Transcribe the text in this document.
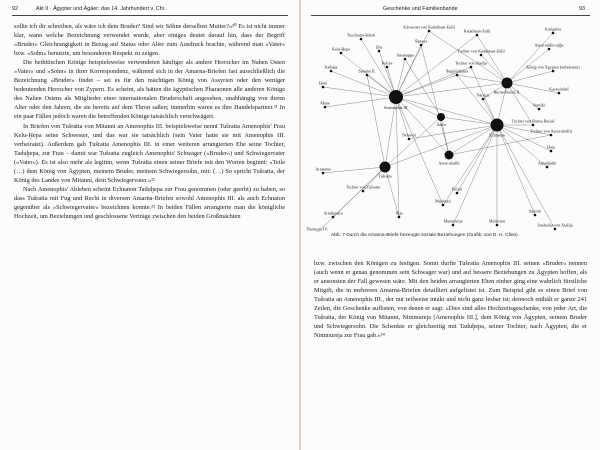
92	Akt II · Ägypter und Ägäer: das 14. Jahrhundert v. Chr.

sollte ich dir schreiben, als wäre ich dein Bruder? Sind wir Söhne derselben Mutter?«²⁰ Es ist nicht immer klar, wann welche Bezeichnung verwendet wurde, aber einiges deutet darauf hin, dass der Begriff »Bruder« Gleichrangigkeit in Bezug auf Status oder Alter zum Ausdruck brachte, während man »Vater« bzw. »Sohn« benutzte, um besonderen Respekt zu zeigen.

Die hethitischen Könige beispielsweise verwendeten häufiger als andere Herrscher im Nahen Osten »Vater« und »Sohn« in ihrer Korrespondenz, während sich in der Amarna-Briefen fast ausschließlich die Bezeichnung »Bruder« findet – sei es für den mächtigen König von Assyrien oder den weniger bedeutenden Herrscher von Zypern. Es scheint, als hätten die ägyptischen Pharaonen alle anderen Könige des Nahen Ostens als Mitglieder einer internationalen Bruderschaft angesehen, unabhängig von ihrem Alter oder den Jahren, die sie bereits auf dem Thron saßen; immerhin waren es ihre Handelspartner.²¹ In ein paar Fällen jedoch waren die betreffenden Könige tatsächlich verschwägert.

In Briefen von Tušratta von Mitanni an Amenophis III. beispielsweise nennt Tušratta Amenophis' Frau Kelu-Ḫepa seine Schwester, und das war sie tatsächlich (sein Vater hatte sie mit Amenophis III. verheiratet). Außerdem gab Tušratta Amenophis III. in einer weiteren arrangierten Ehe seine Tochter, Taduḫepa, zur Frau – damit war Tušratta zugleich Amenophis' Schwager (»Bruder«) und Schwiegervater (»Vater«). Es ist also mehr als legitim, wenn Tušratta einen seiner Briefe mit den Worten beginnt: »Teile (…) dem König von Ägypten, meinem Bruder, meinem Schwiegersohn, mit: (…) So spricht Tušratta, der König des Landes von Mitanni, dein Schwiegervater.«²²

Nach Amenophis' Ableben scheint Echnaton Taduḫepa zur Frau genommen (oder geerbt) zu haben, so dass Tušratta mit Fug und Recht in diversen Amarna-Briefen sowohl Amenophis III. als auch Echnaton gegenüber als »Schwiegervater« bezeichnen konnte.²³ In beiden Fällen arrangierte man die königliche Hochzeit, um Beziehungen und geschlossene Verträge zwischen den beiden Großmächten

Geschenke und Familienbande	93
Amenophis III.
Echnaton
Tušratta
Aziru
Burna-Buriaš II.
Assur-uballit
Tuschratta-deheb
Kelu-Ḫepa	Zita
Keliya
Kalbaja
Hani
Mane
Sutarna II.
Amanappa
Schwester von Kadašman-Enlil
Kadašman-Enlil
Šipṭaya
Tochter von Kadašman-Enlil
Šuppiluliuma
Tochter von Alašija
Kurigalzu
Aṣṣur-nādin-aḫḫe
König von Ägypten (unbekannt)
Narsuzi
Karawindaš
Sumiki
Tochter von Burna-Buriaš
Tochter von Aṣṣur-uballiṭ
Haja
Amanḫatbi
Artatama
Tochter von Tušratta
Artašumara
Thumosis IV.
Nija
Masibutti
Pirizzi
Mutemwija	Mešrirton
Sumitti
Jatahaliar von Alašija
Nefertiti
Abb. 7 Durch die Amarna-Briefe bezeugte soziale Beziehungen (Grafik: von D. H. Cline).

bzw. zwischen den Königen zu festigen. Somit durfte Tušratta Amenophis III. seinen »Bruder« nennen (auch wenn er genau genommen sein Schwager war) und auf bessere Beziehungen zu Ägypten hoffen, als er ansonsten der Fall gewesen wäre. Mit den beiden arrangierten Ehen einher ging eine wahrlich fürstliche Mitgift, die in mehreren Amarna-Briefen detailliert aufgelistet ist. Zum Beispiel gibt es einen Brief von Tušratta an Amenophis III., der nur teilweise intakt und nicht ganz lesbar ist; dennoch enthält er ganze 241 Zeilen, die Geschenke auflisten, von denen er sagt: »Dies sind alles Hochzeitsgeschenke, von jeder Art, die Tušratta, der König von Mitanni, Nimmureja [Amenophis III.], dem König von Ägypten, seinem Bruder und Schwiegersohn. Die Schenkte er gleichzeitig mit Taduḫepa, seiner Tochter, nach Ägypten, die er Nimmureja zur Frau gab.«²⁴
